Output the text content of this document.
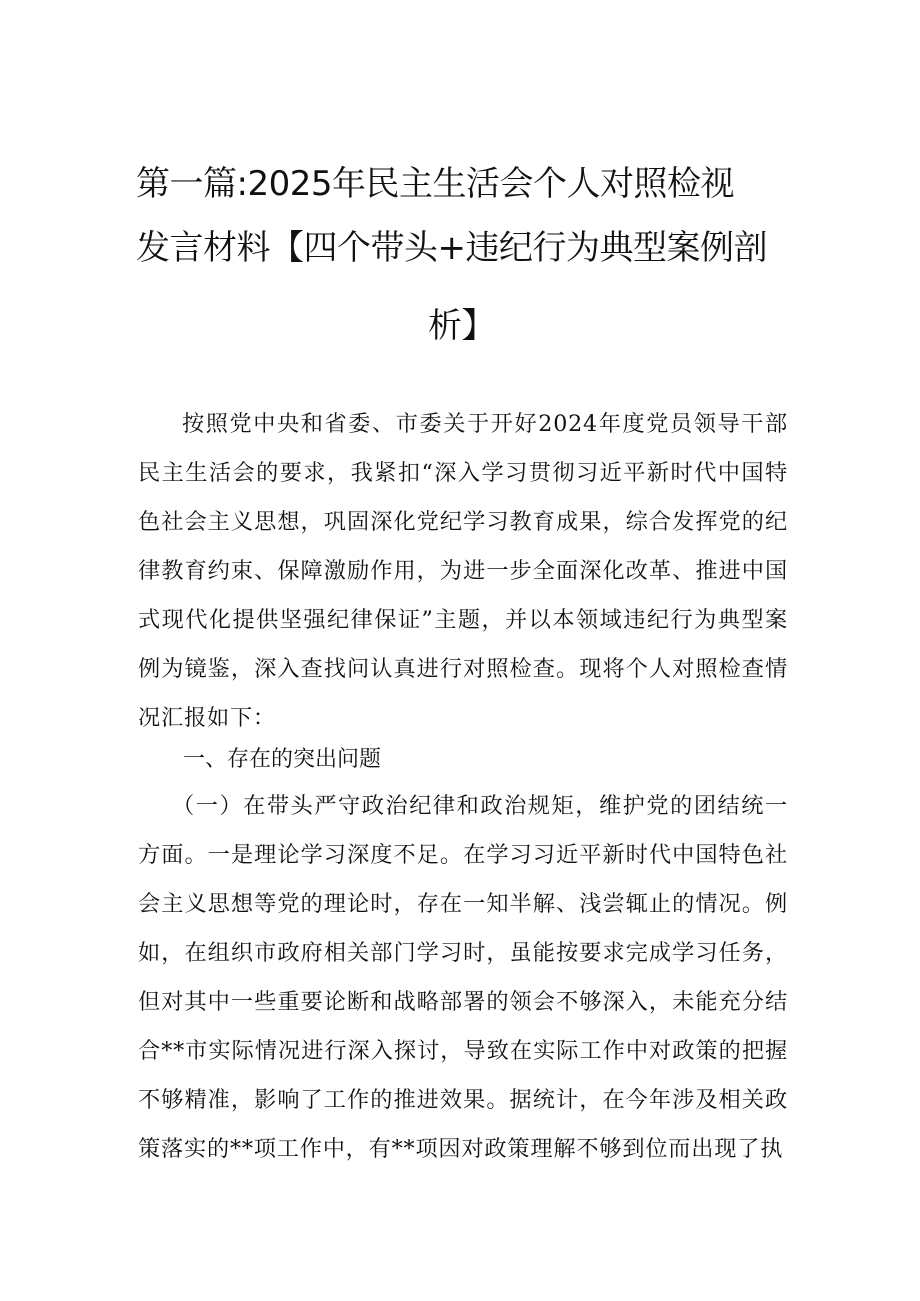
第一篇:2025年民主生活会个人对照检视
发言材料【四个带头+违纪行为典型案例剖
析】
按照党中央和省委、市委关于开好2024年度党员领导干部民主生活会的要求，我紧扣“深入学习贯彻习近平新时代中国特色社会主义思想，巩固深化党纪学习教育成果，综合发挥党的纪律教育约束、保障激励作用，为进一步全面深化改革、推进中国式现代化提供坚强纪律保证”主题，并以本领域违纪行为典型案例为镜鉴，深入查找问认真进行对照检查。现将个人对照检查情况汇报如下：
一、存在的突出问题
（一）在带头严守政治纪律和政治规矩，维护党的团结统一方面。一是理论学习深度不足。在学习习近平新时代中国特色社会主义思想等党的理论时，存在一知半解、浅尝辄止的情况。例如，在组织市政府相关部门学习时，虽能按要求完成学习任务，但对其中一些重要论断和战略部署的领会不够深入，未能充分结合**市实际情况进行深入探讨，导致在实际工作中对政策的把握不够精准，影响了工作的推进效果。据统计，在今年涉及相关政策落实的**项工作中，有**项因对政策理解不够到位而出现了执
